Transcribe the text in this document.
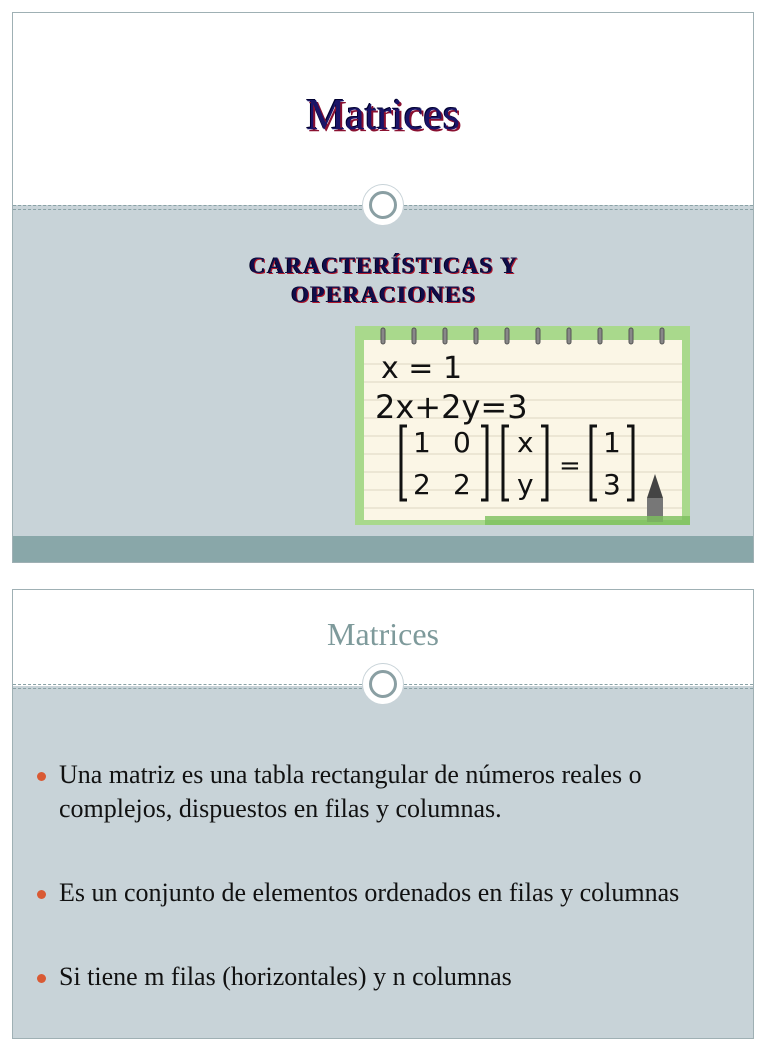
Matrices
CARACTERÍSTICAS Y
OPERACIONES
x = 1
2x+2y=3
1 0
2 2
x
y
=
1
3
Matrices
Una matriz es una tabla rectangular de números reales o complejos, dispuestos en filas y columnas.
Es un conjunto de elementos ordenados en filas y columnas
Si tiene m filas (horizontales) y n columnas
